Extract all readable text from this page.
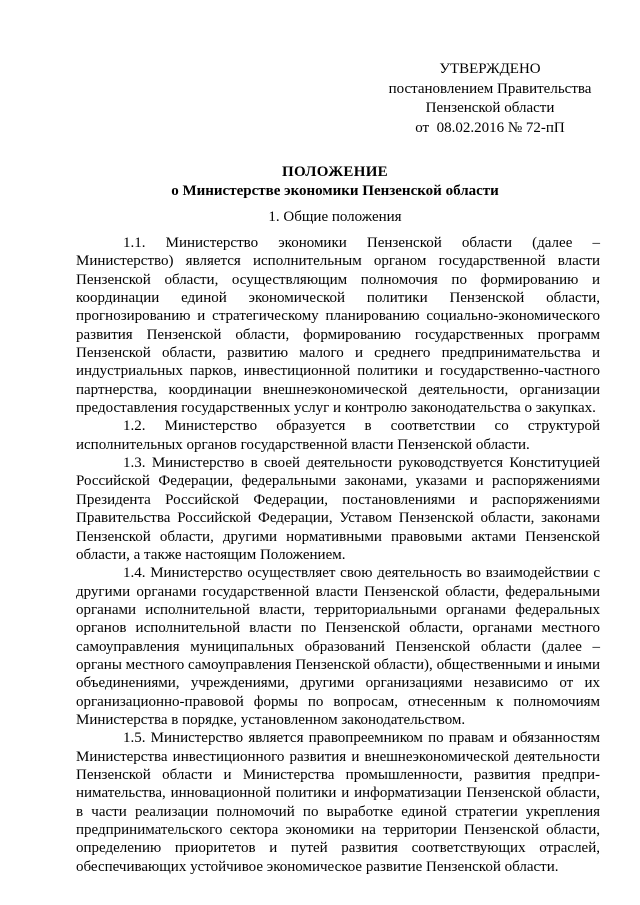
УТВЕРЖДЕНО
постановлением Правительства
Пензенской области
от  08.02.2016 № 72-пП
ПОЛОЖЕНИЕ
о Министерстве экономики Пензенской области
1. Общие положения

1.1. Министерство экономики Пензенской области (далее – Министерство) является исполнительным органом государственной власти Пензенской области, осуществляющим полномочия по формированию и координации единой экономической политики Пензенской области, прогнозированию и стратегическому планированию социально-экономического развития Пензенской области, формированию государственных программ Пензенской области, развитию малого и среднего предпринимательства и индустриальных парков, инвестиционной политики и государственно-частного партнерства, координации внешнеэкономической деятельности, организации предоставления государственных услуг и контролю законодательства о закупках.

1.2. Министерство образуется в соответствии со структурой исполнительных органов государственной власти Пензенской области.

1.3. Министерство в своей деятельности руководствуется Конституцией Российской Федерации, федеральными законами, указами и распоряжениями Президента Российской Федерации, постановлениями и распоряжениями Правительства Российской Федерации, Уставом Пензенской области, законами Пензенской области, другими нормативными правовыми актами Пензенской области, а также настоящим Положением.

1.4. Министерство осуществляет свою деятельность во взаимодействии с другими органами государственной власти Пензенской области, федеральными органами исполнительной власти, территориальными органами федеральных органов исполнительной власти по Пензенской области, органами местного самоуправления муниципальных образований Пензенской области (далее – органы местного самоуправления Пензенской области), общественными и иными объединениями, учреждениями, другими организациями независимо от их организационно-правовой формы по вопросам, отнесенным к полномочиям Министерства в порядке, установленном законодательством.

1.5. Министерство является правопреемником по правам и обязанностям Министерства инвестиционного развития и внешнеэкономической деятельности Пензенской области и Министерства промышленности, развития предпри-нимательства, инновационной политики и информатизации Пензенской области, в части реализации полномочий по выработке единой стратегии укрепления предпринимательского сектора экономики на территории Пензенской области, определению приоритетов и путей развития соответствующих отраслей, обеспечивающих устойчивое экономическое развитие Пензенской области.
